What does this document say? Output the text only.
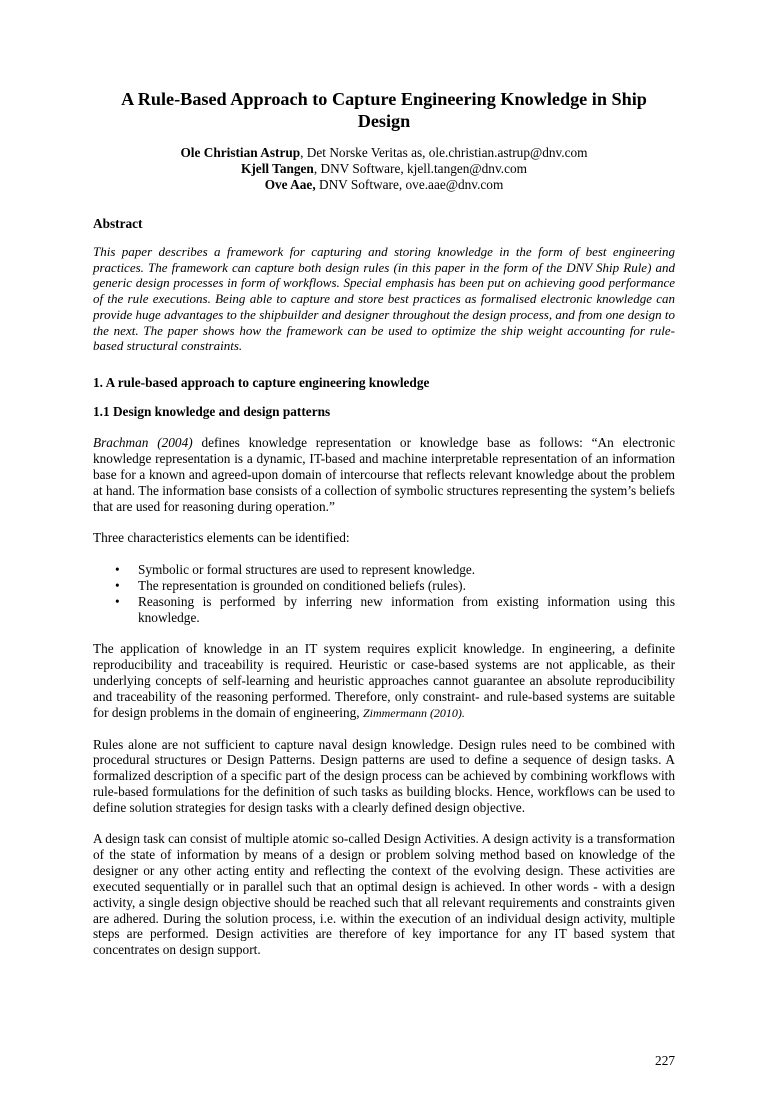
A Rule-Based Approach to Capture Engineering Knowledge in Ship Design
Ole Christian Astrup, Det Norske Veritas as, ole.christian.astrup@dnv.com
Kjell Tangen, DNV Software, kjell.tangen@dnv.com
Ove Aae, DNV Software, ove.aae@dnv.com
Abstract
This paper describes a framework for capturing and storing knowledge in the form of best engineering practices. The framework can capture both design rules (in this paper in the form of the DNV Ship Rule) and generic design processes in form of workflows. Special emphasis has been put on achieving good performance of the rule executions. Being able to capture and store best practices as formalised electronic knowledge can provide huge advantages to the shipbuilder and designer throughout the design process, and from one design to the next. The paper shows how the framework can be used to optimize the ship weight accounting for rule-based structural constraints.
1. A rule-based approach to capture engineering knowledge
1.1 Design knowledge and design patterns

Brachman (2004) defines knowledge representation or knowledge base as follows: “An electronic knowledge representation is a dynamic, IT-based and machine interpretable representation of an information base for a known and agreed-upon domain of intercourse that reflects relevant knowledge about the problem at hand. The information base consists of a collection of symbolic structures representing the system’s beliefs that are used for reasoning during operation.”

Three characteristics elements can be identified:

• Symbolic or formal structures are used to represent knowledge.
• The representation is grounded on conditioned beliefs (rules).
• Reasoning is performed by inferring new information from existing information using this knowledge.

The application of knowledge in an IT system requires explicit knowledge. In engineering, a definite reproducibility and traceability is required. Heuristic or case-based systems are not applicable, as their underlying concepts of self-learning and heuristic approaches cannot guarantee an absolute reproducibility and traceability of the reasoning performed. Therefore, only constraint- and rule-based systems are suitable for design problems in the domain of engineering, Zimmermann (2010).

Rules alone are not sufficient to capture naval design knowledge. Design rules need to be combined with procedural structures or Design Patterns. Design patterns are used to define a sequence of design tasks. A formalized description of a specific part of the design process can be achieved by combining workflows with rule-based formulations for the definition of such tasks as building blocks. Hence, workflows can be used to define solution strategies for design tasks with a clearly defined design objective.

A design task can consist of multiple atomic so-called Design Activities. A design activity is a transformation of the state of information by means of a design or problem solving method based on knowledge of the designer or any other acting entity and reflecting the context of the evolving design. These activities are executed sequentially or in parallel such that an optimal design is achieved. In other words - with a design activity, a single design objective should be reached such that all relevant requirements and constraints given are adhered. During the solution process, i.e. within the execution of an individual design activity, multiple steps are performed. Design activities are therefore of key importance for any IT based system that concentrates on design support.

227
